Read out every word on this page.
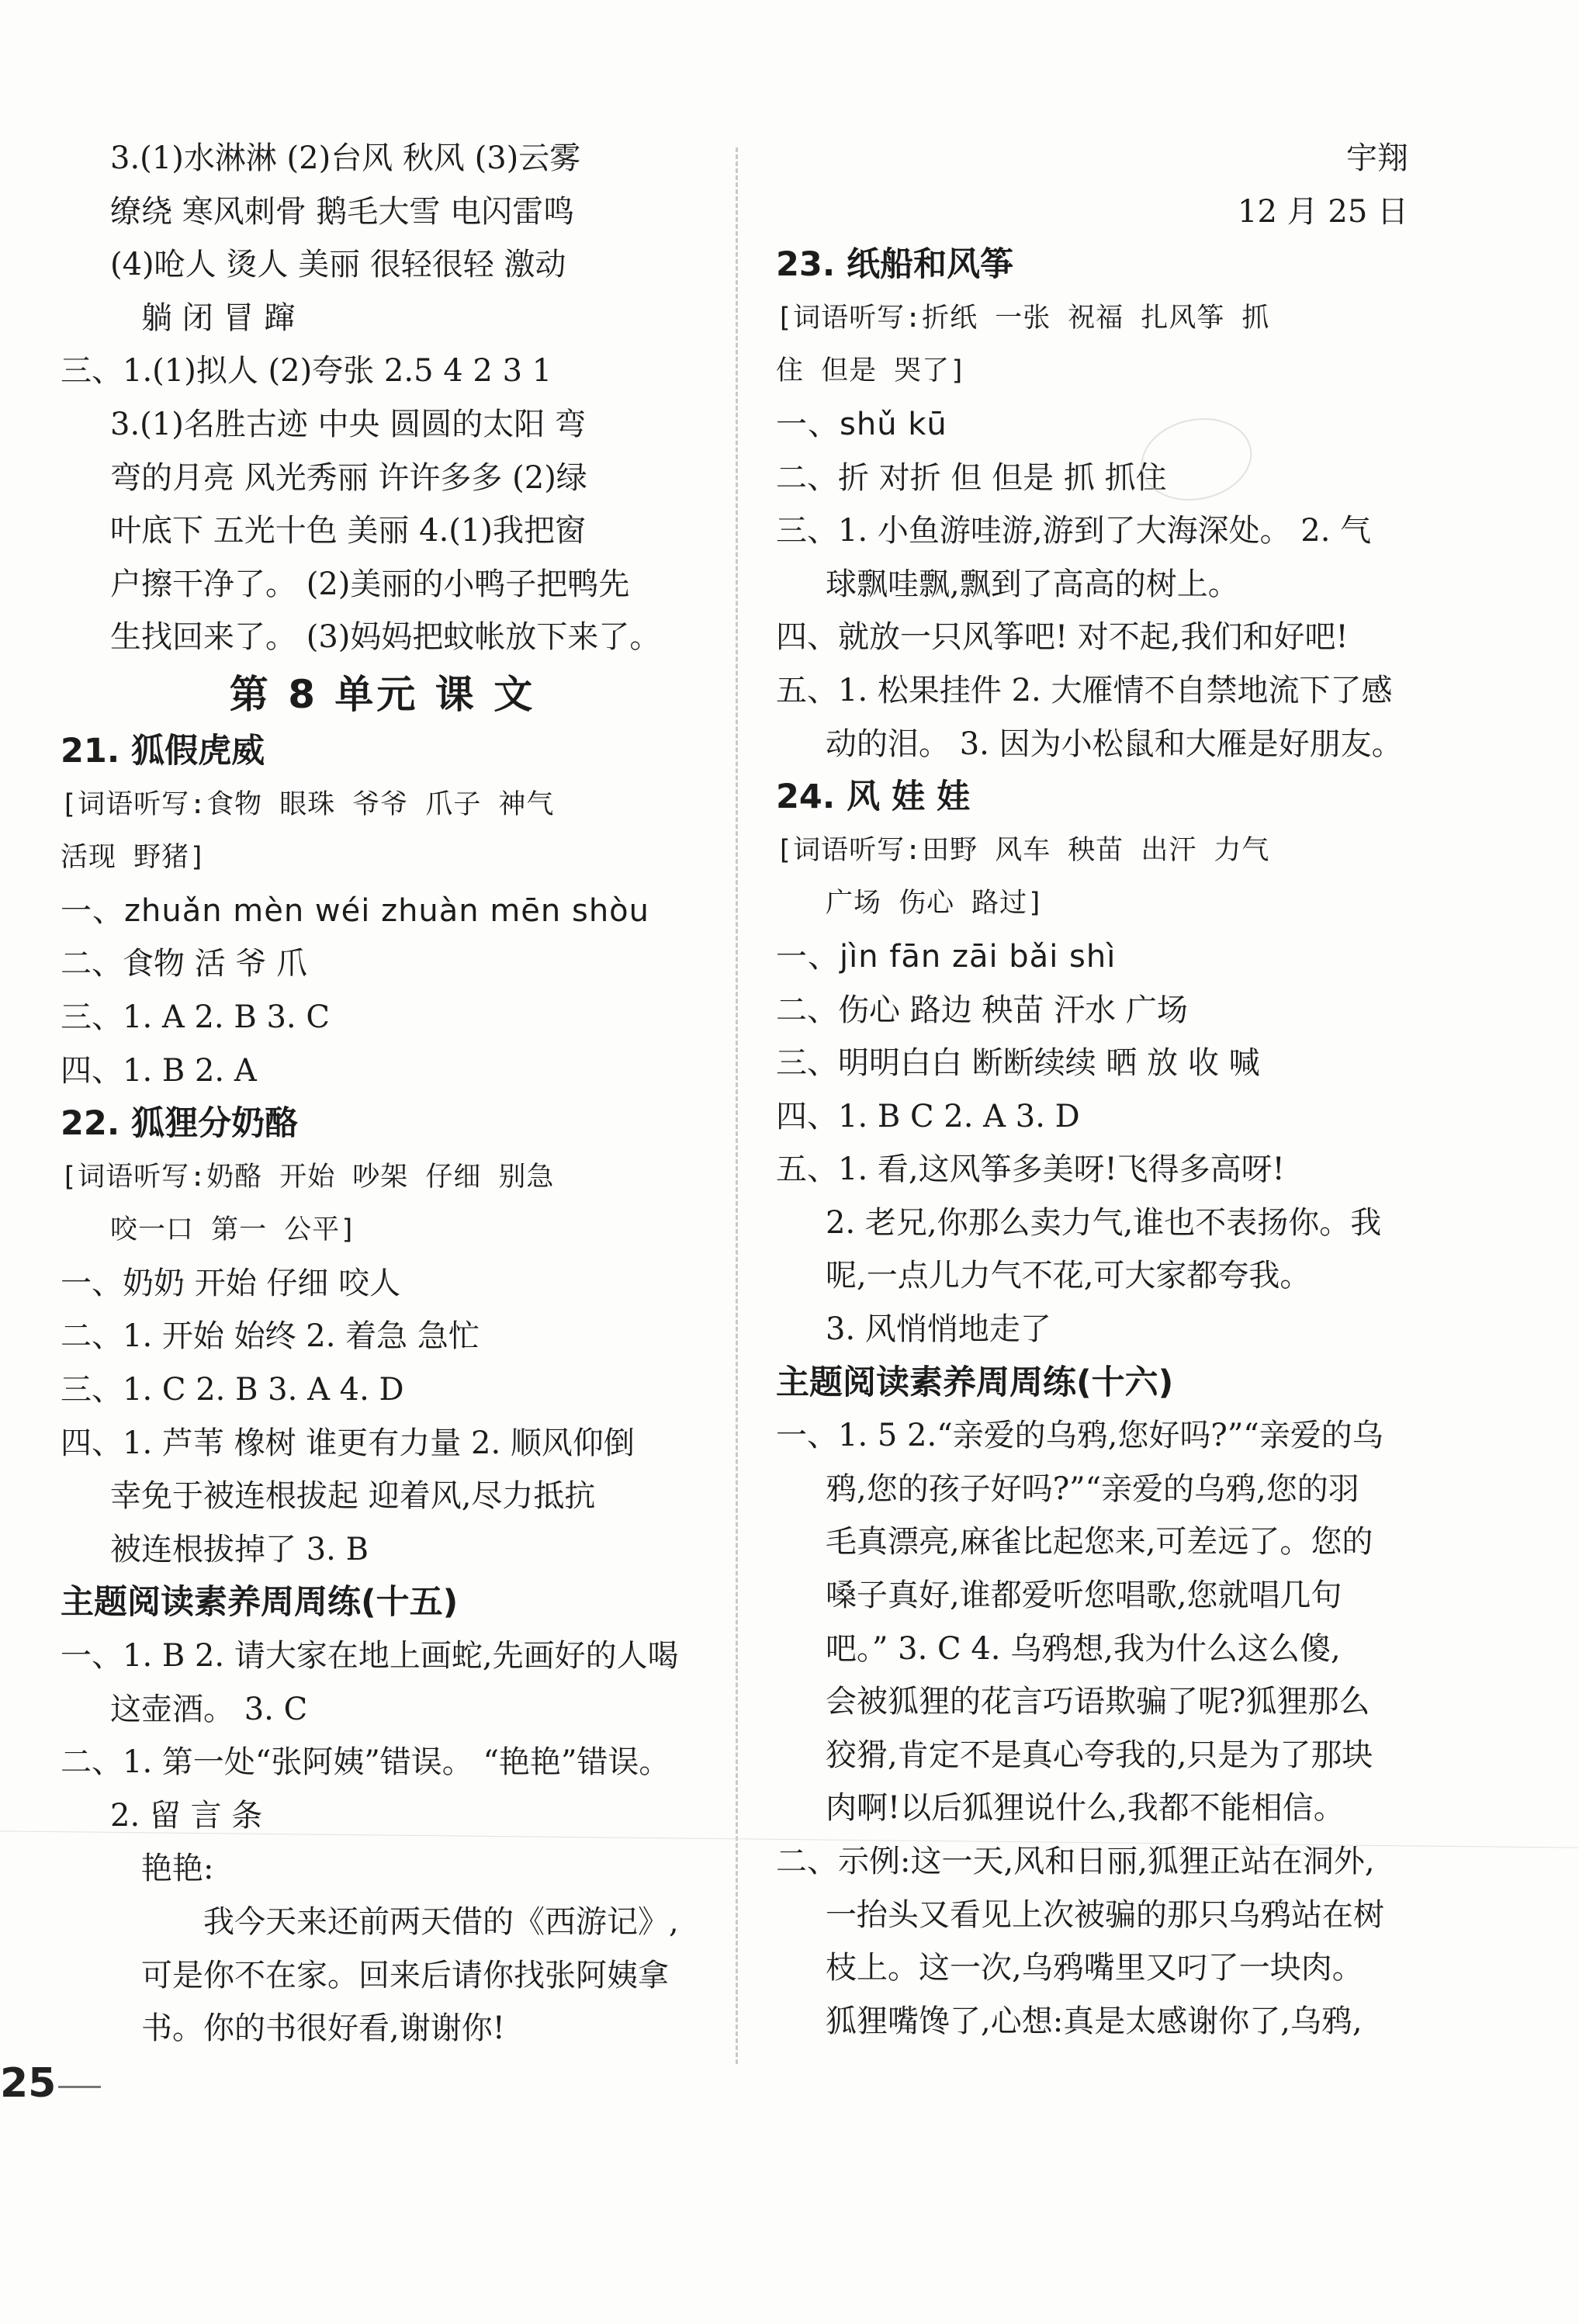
3.(1)水淋淋 (2)台风 秋风 (3)云雾
缭绕 寒风刺骨 鹅毛大雪 电闪雷鸣
(4)呛人 烫人 美丽 很轻很轻 激动
躺 闭 冒 蹿
三、1.(1)拟人 (2)夸张 2.5 4 2 3 1
3.(1)名胜古迹 中央 圆圆的太阳 弯
弯的月亮 风光秀丽 许许多多 (2)绿
叶底下 五光十色 美丽 4.(1)我把窗
户擦干净了。 (2)美丽的小鸭子把鸭先
生找回来了。 (3)妈妈把蚊帐放下来了。
第 8 单元 课 文
21. 狐假虎威
[词语听写:食物 眼珠 爷爷 爪子 神气
活现 野猪]
一、zhuǎn mèn wéi zhuàn mēn shòu
二、食物 活 爷 爪
三、1. A 2. B 3. C
四、1. B 2. A
22. 狐狸分奶酪
[词语听写:奶酪 开始 吵架 仔细 别急
咬一口 第一 公平]
一、奶奶 开始 仔细 咬人
二、1. 开始 始终 2. 着急 急忙
三、1. C 2. B 3. A 4. D
四、1. 芦苇 橡树 谁更有力量 2. 顺风仰倒
幸免于被连根拔起 迎着风,尽力抵抗
被连根拔掉了 3. B
主题阅读素养周周练(十五)
一、1. B 2. 请大家在地上画蛇,先画好的人喝
这壶酒。 3. C
二、1. 第一处“张阿姨”错误。 “艳艳”错误。
2. 留 言 条
艳艳:
我今天来还前两天借的《西游记》,
可是你不在家。回来后请你找张阿姨拿
书。你的书很好看,谢谢你!
宇翔
12 月 25 日
23. 纸船和风筝
[词语听写:折纸 一张 祝福 扎风筝 抓
住 但是 哭了]
一、shǔ kū
二、折 对折 但 但是 抓 抓住
三、1. 小鱼游哇游,游到了大海深处。 2. 气
球飘哇飘,飘到了高高的树上。
四、就放一只风筝吧! 对不起,我们和好吧!
五、1. 松果挂件 2. 大雁情不自禁地流下了感
动的泪。 3. 因为小松鼠和大雁是好朋友。
24. 风 娃 娃
[词语听写:田野 风车 秧苗 出汗 力气
广场 伤心 路过]
一、jìn fān zāi bǎi shì
二、伤心 路边 秧苗 汗水 广场
三、明明白白 断断续续 晒 放 收 喊
四、1. B C 2. A 3. D
五、1. 看,这风筝多美呀!飞得多高呀!
2. 老兄,你那么卖力气,谁也不表扬你。我
呢,一点儿力气不花,可大家都夸我。
3. 风悄悄地走了
主题阅读素养周周练(十六)
一、1. 5 2.“亲爱的乌鸦,您好吗?”“亲爱的乌
鸦,您的孩子好吗?”“亲爱的乌鸦,您的羽
毛真漂亮,麻雀比起您来,可差远了。您的
嗓子真好,谁都爱听您唱歌,您就唱几句
吧。” 3. C 4. 乌鸦想,我为什么这么傻,
会被狐狸的花言巧语欺骗了呢?狐狸那么
狡猾,肯定不是真心夸我的,只是为了那块
肉啊!以后狐狸说什么,我都不能相信。
二、示例:这一天,风和日丽,狐狸正站在洞外,
一抬头又看见上次被骗的那只乌鸦站在树
枝上。这一次,乌鸦嘴里又叼了一块肉。
狐狸嘴馋了,心想:真是太感谢你了,乌鸦,
25
